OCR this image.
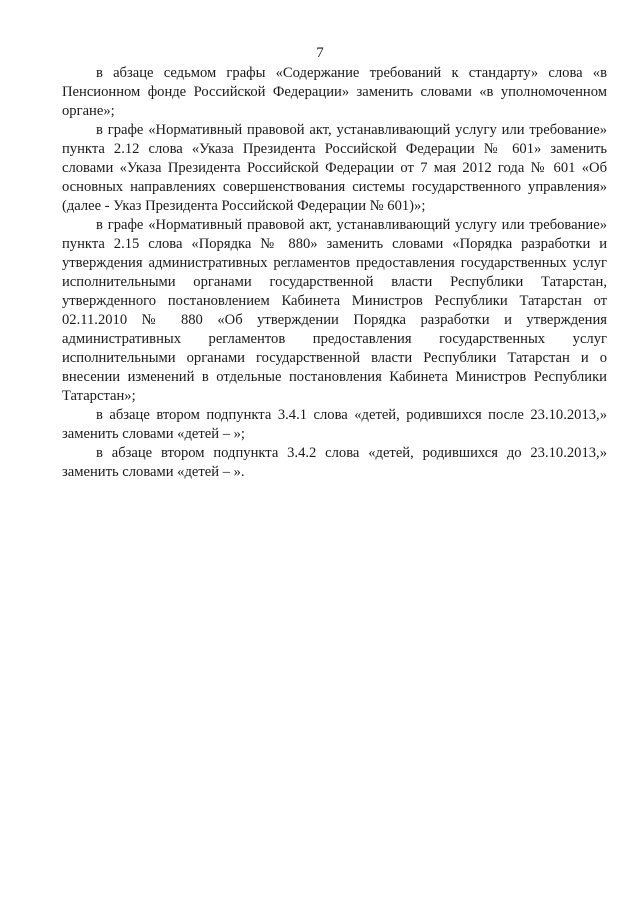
7

в абзаце седьмом графы «Содержание требований к стандарту» слова «в Пенсионном фонде Российской Федерации» заменить словами «в уполномоченном органе»;

в графе «Нормативный правовой акт, устанавливающий услугу или требование» пункта 2.12 слова «Указа Президента Российской Федерации № 601» заменить словами «Указа Президента Российской Федерации от 7 мая 2012 года № 601 «Об основных направлениях совершенствования системы государственного управления» (далее - Указ Президента Российской Федерации № 601)»;

в графе «Нормативный правовой акт, устанавливающий услугу или требование» пункта 2.15 слова «Порядка № 880» заменить словами «Порядка разработки и утверждения административных регламентов предоставления государственных услуг исполнительными органами государственной власти Республики Татарстан, утвержденного постановлением Кабинета Министров Республики Татарстан от 02.11.2010 № 880 «Об утверждении Порядка разработки и утверждения административных регламентов предоставления государственных услуг исполнительными органами государственной власти Республики Татарстан и о внесении изменений в отдельные постановления Кабинета Министров Республики Татарстан»;

в абзаце втором подпункта 3.4.1 слова «детей, родившихся после 23.10.2013,» заменить словами «детей – »;

в абзаце втором подпункта 3.4.2 слова «детей, родившихся до 23.10.2013,» заменить словами «детей – ».
